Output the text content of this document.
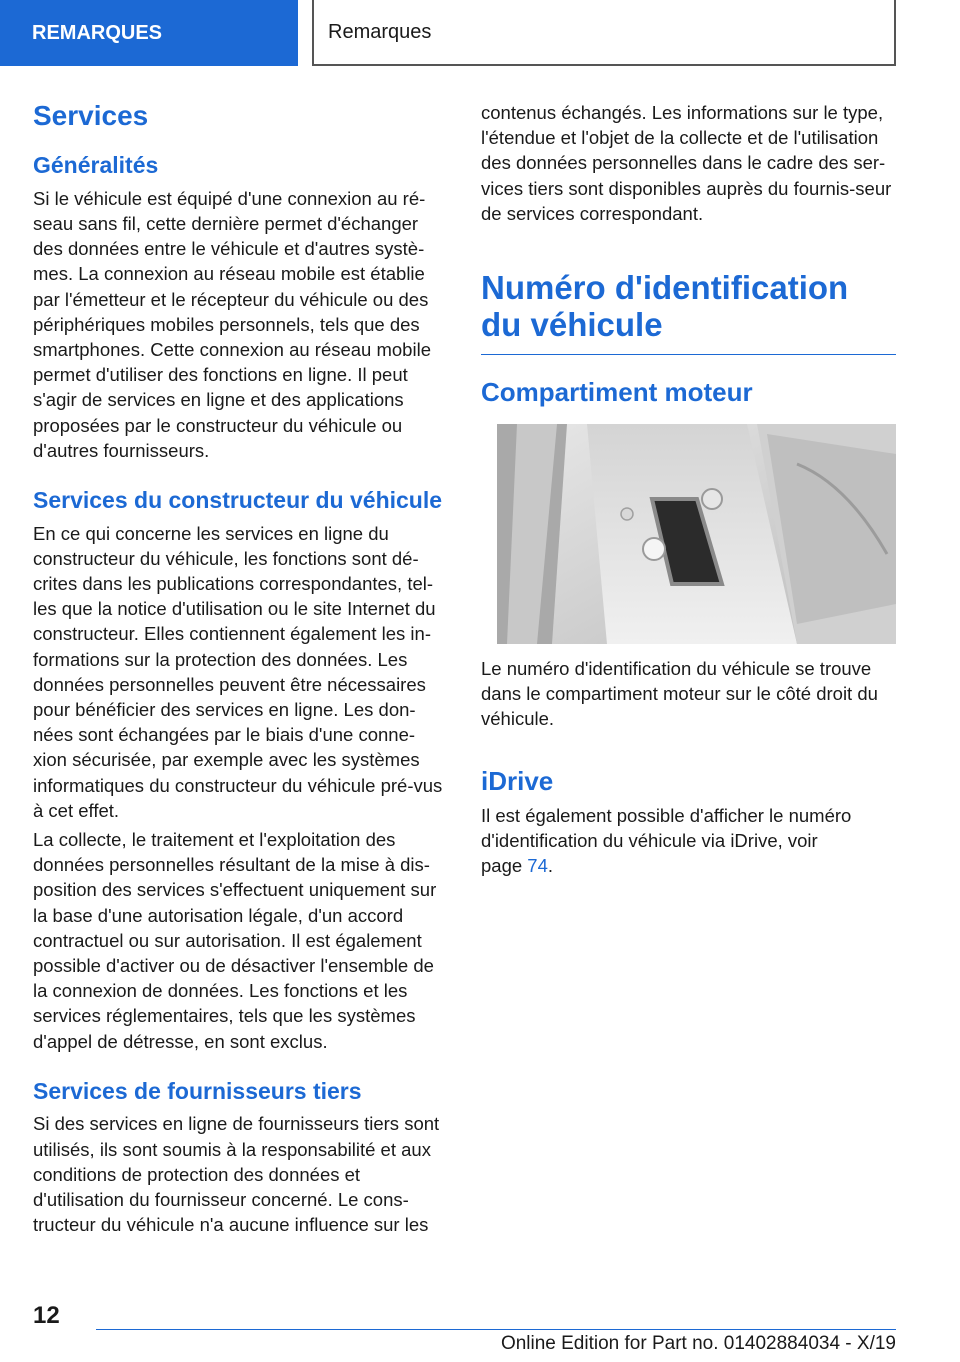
REMARQUES	Remarques
Services
Généralités

Si le véhicule est équipé d'une connexion au ré-seau sans fil, cette dernière permet d'échanger des données entre le véhicule et d'autres systè-mes. La connexion au réseau mobile est établie par l'émetteur et le récepteur du véhicule ou des périphériques mobiles personnels, tels que des smartphones. Cette connexion au réseau mobile permet d'utiliser des fonctions en ligne. Il peut s'agir de services en ligne et des applications proposées par le constructeur du véhicule ou d'autres fournisseurs.

Services du constructeur du véhicule

En ce qui concerne les services en ligne du constructeur du véhicule, les fonctions sont dé-crites dans les publications correspondantes, tel-les que la notice d'utilisation ou le site Internet du constructeur. Elles contiennent également les in-formations sur la protection des données. Les données personnelles peuvent être nécessaires pour bénéficier des services en ligne. Les don-nées sont échangées par le biais d'une conne-xion sécurisée, par exemple avec les systèmes informatiques du constructeur du véhicule pré-vus à cet effet.

La collecte, le traitement et l'exploitation des données personnelles résultant de la mise à dis-position des services s'effectuent uniquement sur la base d'une autorisation légale, d'un accord contractuel ou sur autorisation. Il est également possible d'activer ou de désactiver l'ensemble de la connexion de données. Les fonctions et les services réglementaires, tels que les systèmes d'appel de détresse, en sont exclus.

Services de fournisseurs tiers

Si des services en ligne de fournisseurs tiers sont utilisés, ils sont soumis à la responsabilité et aux conditions de protection des données et d'utilisation du fournisseur concerné. Le cons-tructeur du véhicule n'a aucune influence sur les

contenus échangés. Les informations sur le type, l'étendue et l'objet de la collecte et de l'utilisation des données personnelles dans le cadre des ser-vices tiers sont disponibles auprès du fournis-seur de services correspondant.

Numéro d'identification du véhicule
Compartiment moteur

Le numéro d'identification du véhicule se trouve dans le compartiment moteur sur le côté droit du véhicule.

iDrive

Il est également possible d'afficher le numéro d'identification du véhicule via iDrive, voir
page 74.

12
Online Edition for Part no. 01402884034 - X/19
